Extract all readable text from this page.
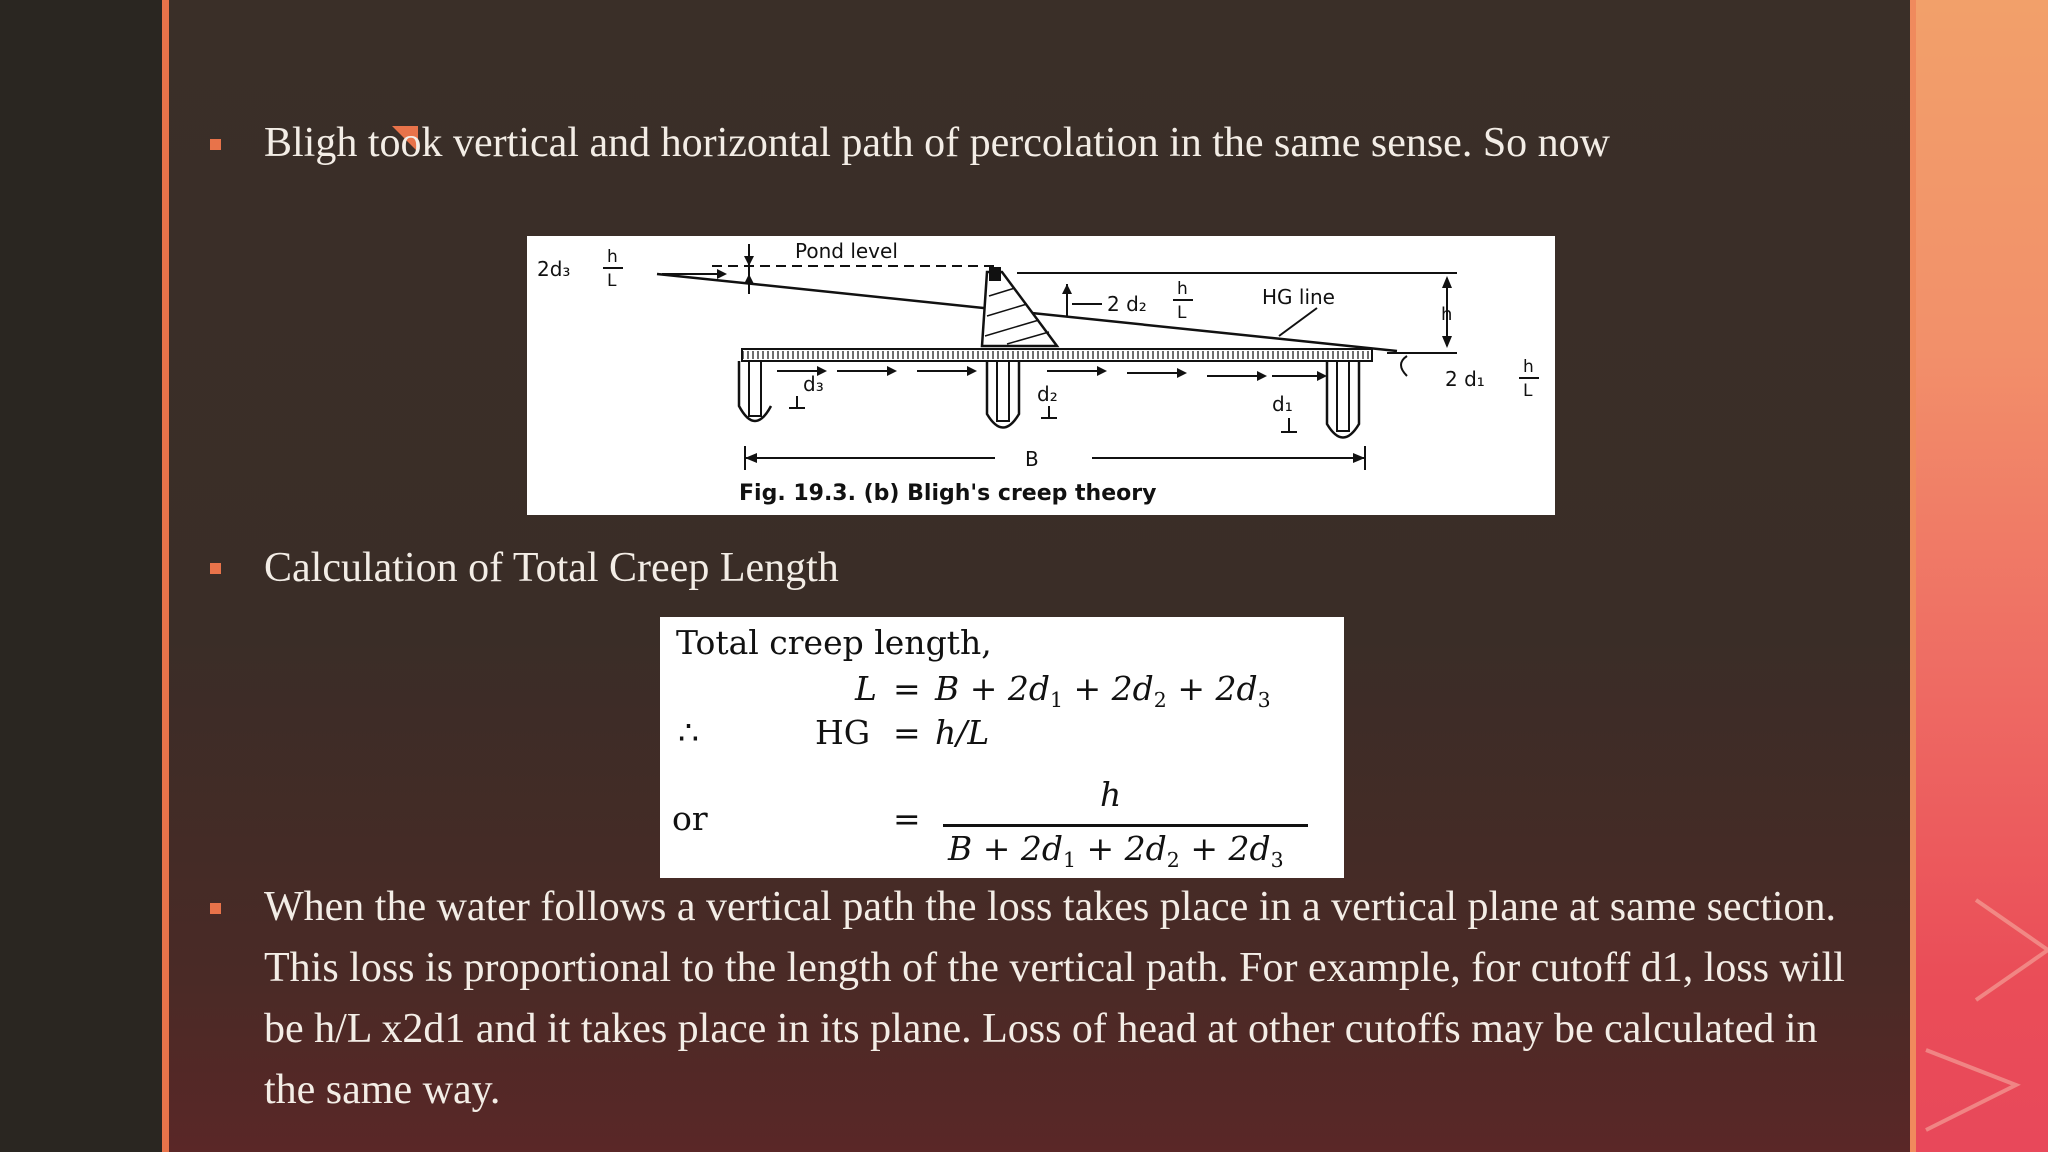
Bligh took vertical and horizontal path of percolation in the same sense. So now
Pond level
HG line
d₃	d₂	d₁
B
h
2d₃ h
L
2 d₂
h
L
2 d₁ h
L
Fig. 19.3. (b) Bligh's creep theory
Calculation of Total Creep Length
Total creep length,
$L = B + 2d_1 + 2d_2 + 2d_3$
∴	HG = h/L
or	=
h
$B + 2d_1 + 2d_2 + 2d_3$
When the water follows a vertical path the loss takes place in a vertical plane at same section. This loss is proportional to the length of the vertical path. For example, for cutoff d1, loss will be h/L x2d1 and it takes place in its plane. Loss of head at other cutoffs may be calculated in the same way.
